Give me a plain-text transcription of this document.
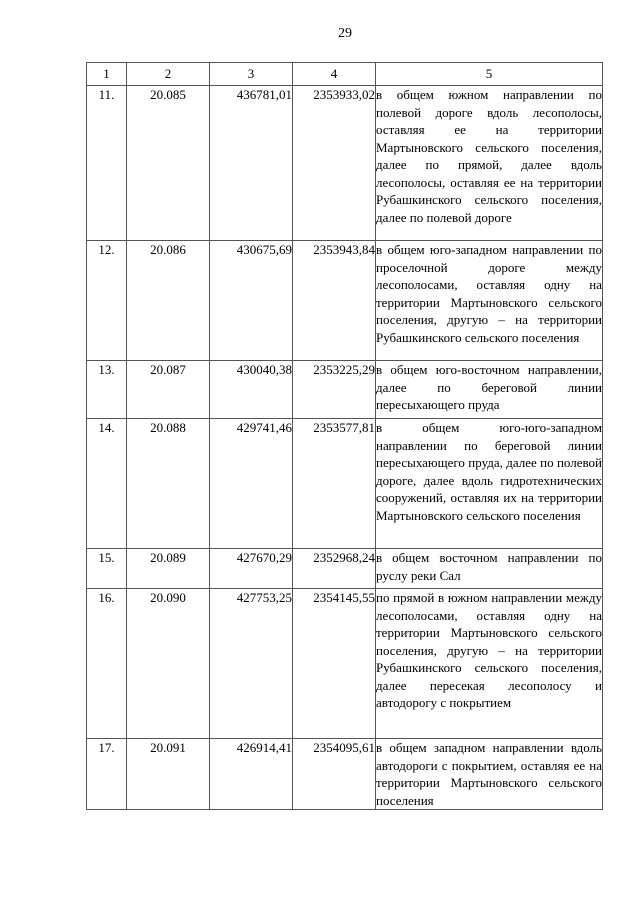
29
1	2	3	4	5
11.	20.085	436781,01	2353933,02	в общем южном направлении по полевой дороге вдоль лесополосы, оставляя ее на территории Мартыновского сельского поселения, далее по прямой, далее вдоль лесополосы, оставляя ее на территории Рубашкинского сельского поселения, далее по полевой дороге
12.	20.086	430675,69	2353943,84	в общем юго-западном направлении по проселочной дороге между лесополосами, оставляя одну на территории Мартыновского сельского поселения, другую – на территории Рубашкинского сельского поселения
13.	20.087	430040,38	2353225,29	в общем юго-восточном направлении, далее по береговой линии пересыхающего пруда
14.	20.088	429741,46	2353577,81	в общем юго-юго-западном направлении по береговой линии пересыхающего пруда, далее по полевой дороге, далее вдоль гидротехнических сооружений, оставляя их на территории Мартыновского сельского поселения
15.	20.089	427670,29	2352968,24	в общем восточном направлении по руслу реки Сал
16.	20.090	427753,25	2354145,55	по прямой в южном направлении между лесополосами, оставляя одну на территории Мартыновского сельского поселения, другую – на территории Рубашкинского сельского поселения, далее пересекая лесополосу и автодорогу с покрытием
17.	20.091	426914,41	2354095,61	в общем западном направлении вдоль автодороги с покрытием, оставляя ее на территории Мартыновского сельского поселения
